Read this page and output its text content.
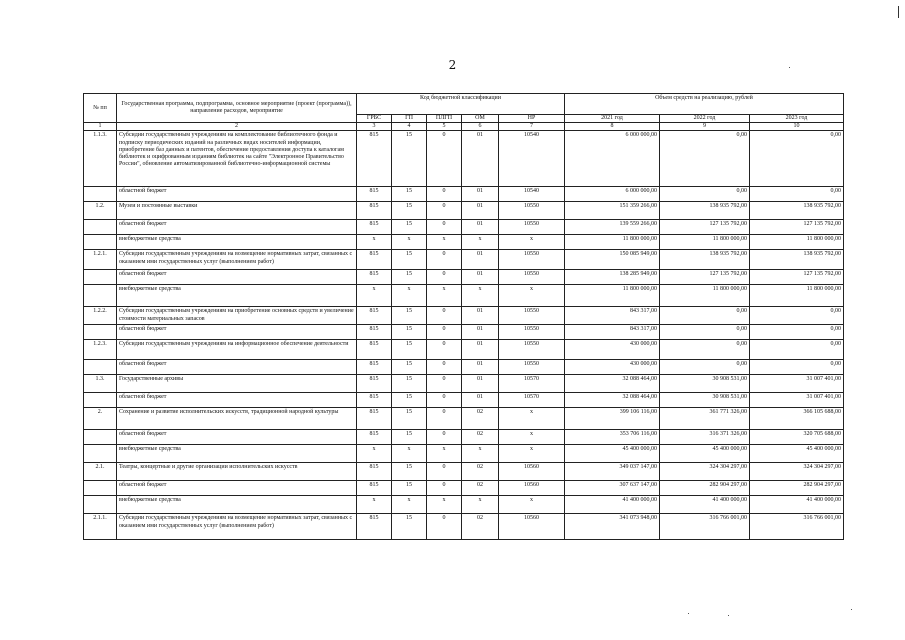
2
№ пп	Государственная программа, подпрограмма, основное мероприятие (проект (программа)), направление расходов, мероприятие	Код бюджетной классификации					Объем средств на реализацию, рублей		
		ГРБС	ГП	ПЛГП	ОМ	НР	2021 год	2022 год	2023 год
1	2	3	4	5	6	7	8	9	10
1.1.3.	Субсидии государственным учреждениям на комплектование библиотечного фонда и подписку периодических изданий на различных видах носителей информации, приобретение баз данных и патентов, обеспечение предоставления доступа к каталогам библиотек и оцифрованным изданиям библиотек на сайте "Электронное Правительство России", обновление автоматизированной библиотечно-информационной системы	815	15	0	01	10540	6 000 000,00	0,00	0,00
	областной бюджет	815	15	0	01	10540	6 000 000,00	0,00	0,00
1.2.	Музеи и постоянные выставки	815	15	0	01	10550	151 359 266,00	138 935 792,00	138 935 792,00
	областной бюджет	815	15	0	01	10550	139 559 266,00	127 135 792,00	127 135 792,00
	внебюджетные средства	х	х	х	х	х	11 800 000,00	11 800 000,00	11 800 000,00
1.2.1.	Субсидии государственным учреждениям на возмещение нормативных затрат, связанных с оказанием ими государственных услуг (выполнением работ)	815	15	0	01	10550	150 085 949,00	138 935 792,00	138 935 792,00
	областной бюджет	815	15	0	01	10550	138 285 949,00	127 135 792,00	127 135 792,00
	внебюджетные средства	х	х	х	х	х	11 800 000,00	11 800 000,00	11 800 000,00
1.2.2.	Субсидии государственным учреждениям на приобретение основных средств и увеличение стоимости материальных запасов	815	15	0	01	10550	843 317,00	0,00	0,00
	областной бюджет	815	15	0	01	10550	843 317,00	0,00	0,00
1.2.3.	Субсидии государственным учреждениям на информационное обеспечение деятельности	815	15	0	01	10550	430 000,00	0,00	0,00
	областной бюджет	815	15	0	01	10550	430 000,00	0,00	0,00
1.3.	Государственные архивы	815	15	0	01	10570	32 088 464,00	30 908 531,00	31 007 401,00
	областной бюджет	815	15	0	01	10570	32 088 464,00	30 908 531,00	31 007 401,00
2.	Сохранение и развитие исполнительских искусств, традиционной народной культуры	815	15	0	02	х	399 106 116,00	361 771 326,00	366 105 688,00
	областной бюджет	815	15	0	02	х	353 706 116,00	316 371 326,00	320 705 688,00
	внебюджетные средства	х	х	х	х	х	45 400 000,00	45 400 000,00	45 400 000,00
2.1.	Театры, концертные и другие организации исполнительских искусств	815	15	0	02	10560	349 037 147,00	324 304 297,00	324 304 297,00
	областной бюджет	815	15	0	02	10560	307 637 147,00	282 904 297,00	282 904 297,00
	внебюджетные средства	х	х	х	х	х	41 400 000,00	41 400 000,00	41 400 000,00
2.1.1.	Субсидии государственным учреждениям на возмещение нормативных затрат, связанных с оказанием ими государственных услуг (выполнением работ)	815	15	0	02	10560	341 073 948,00	316 766 001,00	316 766 001,00
